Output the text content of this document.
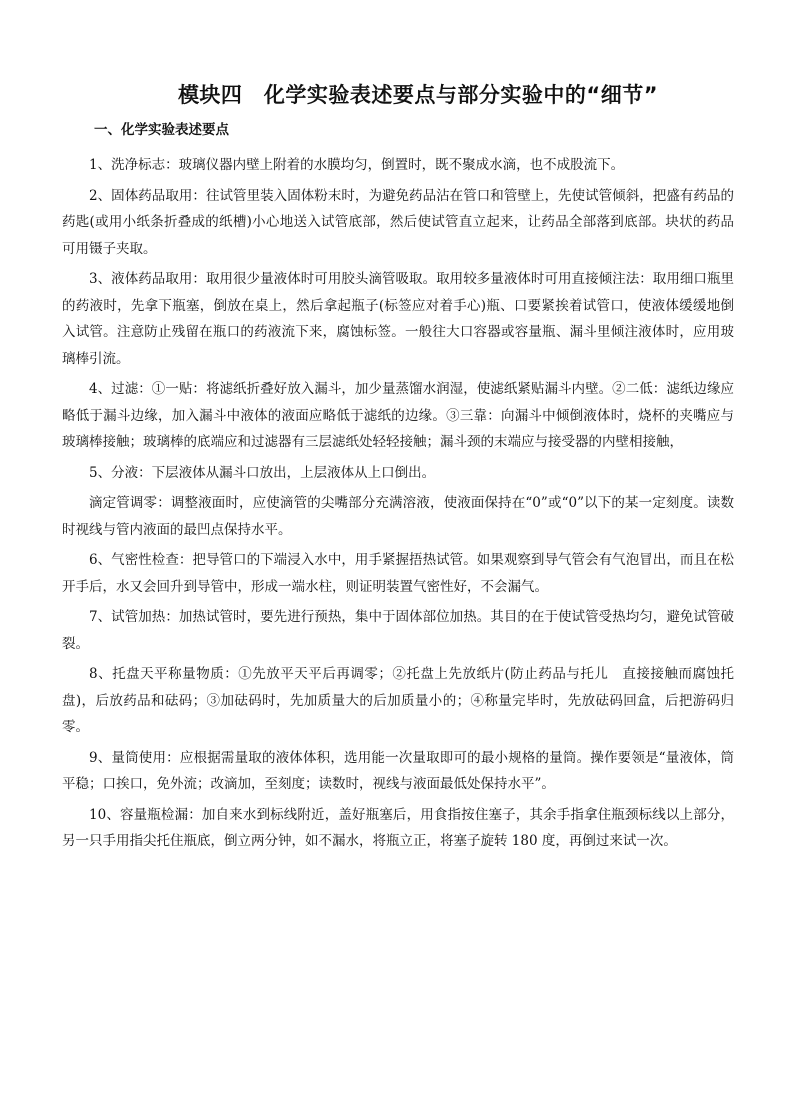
模块四　化学实验表述要点与部分实验中的“细节”
一、化学实验表述要点

1、洗净标志：玻璃仪器内壁上附着的水膜均匀，倒置时，既不聚成水滴，也不成股流下。

2、固体药品取用：往试管里装入固体粉末时，为避免药品沾在管口和管壁上，先使试管倾斜，把盛有药品的药匙(或用小纸条折叠成的纸槽)小心地送入试管底部，然后使试管直立起来，让药品全部落到底部。块状的药品可用镊子夹取。

3、液体药品取用：取用很少量液体时可用胶头滴管吸取。取用较多量液体时可用直接倾注法：取用细口瓶里的药液时，先拿下瓶塞，倒放在桌上，然后拿起瓶子(标签应对着手心)瓶、口要紧挨着试管口，使液体缓缓地倒入试管。注意防止残留在瓶口的药液流下来，腐蚀标签。一般往大口容器或容量瓶、漏斗里倾注液体时，应用玻璃棒引流。

4、过滤：①一贴：将滤纸折叠好放入漏斗，加少量蒸馏水润湿，使滤纸紧贴漏斗内壁。②二低：滤纸边缘应略低于漏斗边缘，加入漏斗中液体的液面应略低于滤纸的边缘。③三靠：向漏斗中倾倒液体时，烧杯的夹嘴应与玻璃棒接触；玻璃棒的底端应和过滤器有三层滤纸处轻轻接触；漏斗颈的末端应与接受器的内壁相接触，

5、分液：下层液体从漏斗口放出，上层液体从上口倒出。

滴定管调零：调整液面时，应使滴管的尖嘴部分充满溶液，使液面保持在“0”或“0”以下的某一定刻度。读数时视线与管内液面的最凹点保持水平。

6、气密性检查：把导管口的下端浸入水中，用手紧握捂热试管。如果观察到导气管会有气泡冒出，而且在松开手后，水又会回升到导管中，形成一端水柱，则证明装置气密性好，不会漏气。

7、试管加热：加热试管时，要先进行预热，集中于固体部位加热。其目的在于使试管受热均匀，避免试管破裂。

8、托盘天平称量物质：①先放平天平后再调零；②托盘上先放纸片(防止药品与托儿　直接接触而腐蚀托盘)，后放药品和砝码；③加砝码时，先加质量大的后加质量小的；④称量完毕时，先放砝码回盒，后把游码归零。

9、量筒使用：应根据需量取的液体体积，选用能一次量取即可的最小规格的量筒。操作要领是“量液体，筒平稳；口挨口，免外流；改滴加，至刻度；读数时，视线与液面最低处保持水平”。

10、容量瓶检漏：加自来水到标线附近，盖好瓶塞后，用食指按住塞子，其余手指拿住瓶颈标线以上部分，另一只手用指尖托住瓶底，倒立两分钟，如不漏水，将瓶立正，将塞子旋转 180 度，再倒过来试一次。
